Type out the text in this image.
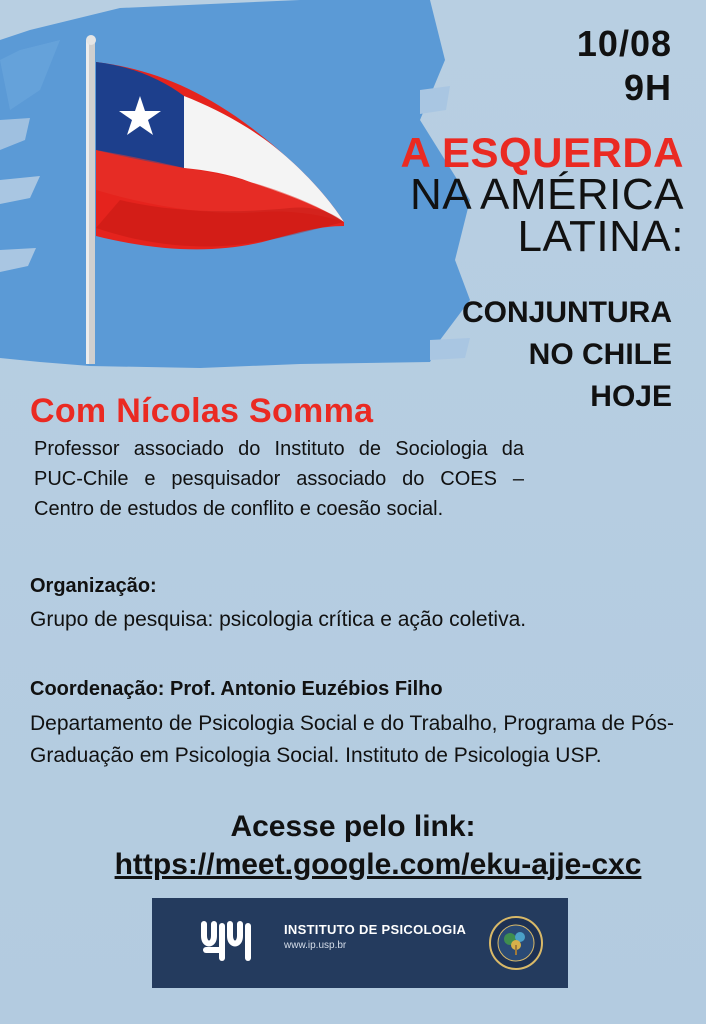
10/08
9H
A ESQUERDA
NA AMÉRICA
LATINA:
CONJUNTURA
NO CHILE
HOJE
Com Nícolas Somma
Professor associado do Instituto de Sociologia da PUC-Chile e pesquisador associado do COES – Centro de estudos de conflito e coesão social.
Organização:
Grupo de pesquisa: psicologia crítica e ação coletiva.
Coordenação: Prof. Antonio Euzébios Filho
Departamento de Psicologia Social e do Trabalho, Programa de Pós-Graduação em Psicologia Social. Instituto de Psicologia USP.
Acesse pelo link:
https://meet.google.com/eku-ajje-cxc
INSTITUTO DE PSICOLOGIA
www.ip.usp.br
